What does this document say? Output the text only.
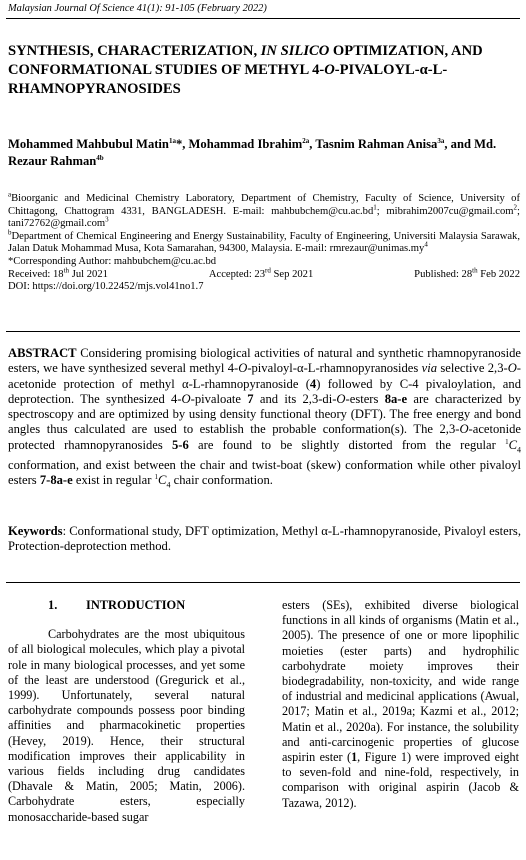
Malaysian Journal Of Science 41(1): 91-105 (February 2022)
SYNTHESIS, CHARACTERIZATION, IN SILICO OPTIMIZATION, AND CONFORMATIONAL STUDIES OF METHYL 4-O-PIVALOYL-α-L-RHAMNOPYRANOSIDES
Mohammed Mahbubul Matin$^{1a}$*, Mohammad Ibrahim$^{2a}$, Tasnim Rahman Anisa$^{3a}$, and Md. Rezaur Rahman$^{4b}$

$^a$Bioorganic and Medicinal Chemistry Laboratory, Department of Chemistry, Faculty of Science, University of Chittagong, Chattogram 4331, BANGLADESH. E-mail: $mahbubchem@cu.ac.bd^1$; mibrahim2007cu@gmail.com$^2$; tani72762@gmail.com$^3$

$^b$Department of Chemical Engineering and Energy Sustainability, Faculty of Engineering, Universiti Malaysia Sarawak, Jalan Datuk Mohammad Musa, Kota Samarahan, 94300, Malaysia. E-mail: $rmrezaur@unimas.my^4$

*Corresponding Author: mahbubchem@cu.ac.bd

Received: 18th Jul 2021	Accepted: 23rd Sep 2021	Published: 28th Feb 2022

DOI: https://doi.org/10.22452/mjs.vol41no1.7

ABSTRACT Considering promising biological activities of natural and synthetic rhamnopyranoside esters, we have synthesized several methyl 4-O-pivaloyl-α-L-rhamnopyranosides via selective 2,3-O-acetonide protection of methyl α-L-rhamnopyranoside (4) followed by C-4 pivaloylation, and deprotection. The synthesized 4-O-pivaloate 7 and its 2,3-di-O-esters 8a-e are characterized by spectroscopy and are optimized by using density functional theory (DFT). The free energy and bond angles thus calculated are used to establish the probable conformation(s). The 2,3-O-acetonide protected rhamnopyranosides 5-6 are found to be slightly distorted from the regular $^1C_4$ conformation, and exist between the chair and twist-boat (skew) conformation while other pivaloyl esters 7-8a-e exist in regular $^1C_4$ chair conformation.
Keywords: Conformational study, DFT optimization, Methyl α-L-rhamnopyranoside, Pivaloyl esters, Protection-deprotection method.
1. INTRODUCTION

Carbohydrates are the most ubiquitous of all biological molecules, which play a pivotal role in many biological processes, and yet some of the least are understood (Gregurick et al., 1999). Unfortunately, several natural carbohydrate compounds possess poor binding affinities and pharmacokinetic properties (Hevey, 2019). Hence, their structural modification improves their applicability in various fields including drug candidates (Dhavale & Matin, 2005; Matin, 2006). Carbohydrate esters, especially monosaccharide-based sugar

esters (SEs), exhibited diverse biological functions in all kinds of organisms (Matin et al., 2005). The presence of one or more lipophilic moieties (ester parts) and hydrophilic carbohydrate moiety improves their biodegradability, non-toxicity, and wide range of industrial and medicinal applications (Awual, 2017; Matin et al., 2019a; Kazmi et al., 2012; Matin et al., 2020a). For instance, the solubility and anti-carcinogenic properties of glucose aspirin ester (1, Figure 1) were improved eight to seven-fold and nine-fold, respectively, in comparison with original aspirin (Jacob & Tazawa, 2012).
